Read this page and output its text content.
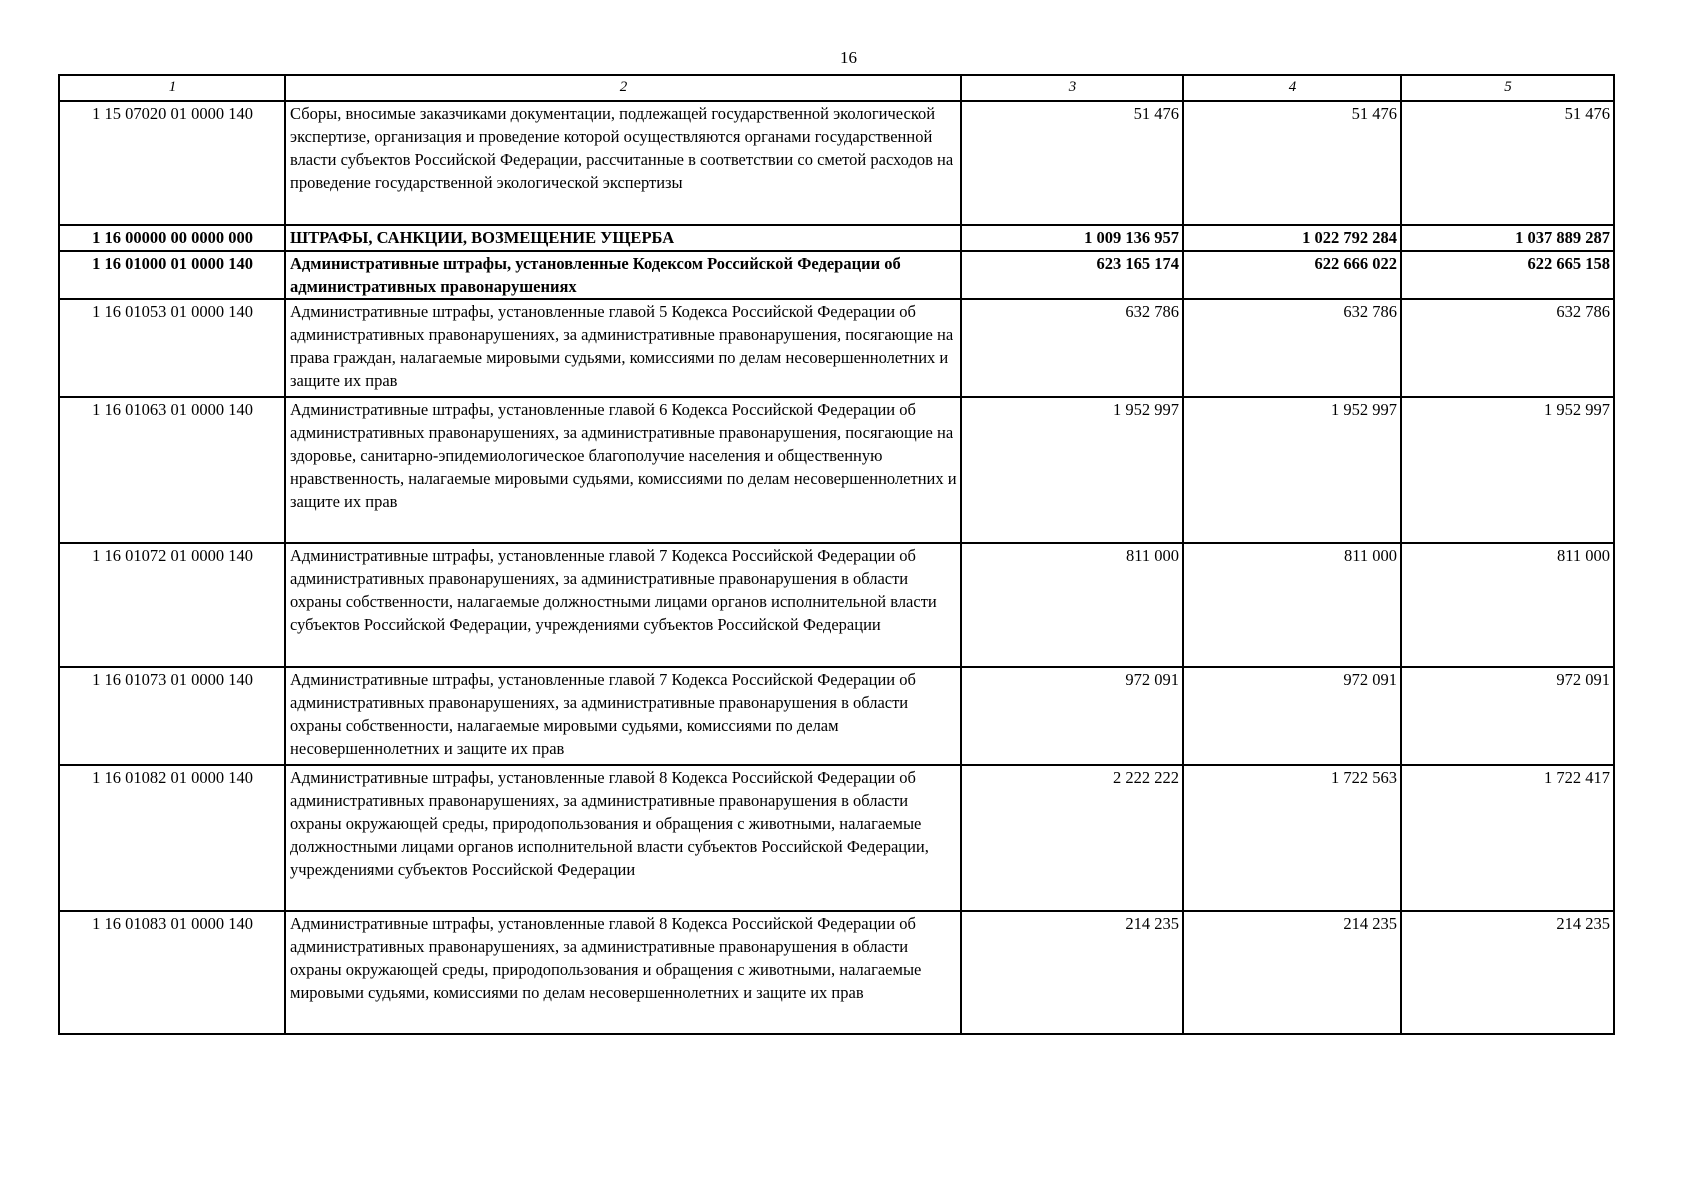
16
1	2	3	4	5
1 15 07020 01 0000 140	Сборы, вносимые заказчиками документации, подлежащей государственной экологической экспертизе, организация и проведение которой осуществляются органами государственной власти субъектов Российской Федерации, рассчитанные в соответствии со сметой расходов на проведение государственной экологической экспертизы	51 476	51 476	51 476
1 16 00000 00 0000 000	ШТРАФЫ, САНКЦИИ, ВОЗМЕЩЕНИЕ УЩЕРБА	1 009 136 957	1 022 792 284	1 037 889 287
1 16 01000 01 0000 140	Административные штрафы, установленные Кодексом Российской Федерации об административных правонарушениях	623 165 174	622 666 022	622 665 158
1 16 01053 01 0000 140	Административные штрафы, установленные главой 5 Кодекса Российской Федерации об административных правонарушениях, за административные правонарушения, посягающие на права граждан, налагаемые мировыми судьями, комиссиями по делам несовершеннолетних и защите их прав	632 786	632 786	632 786
1 16 01063 01 0000 140	Административные штрафы, установленные главой 6 Кодекса Российской Федерации об административных правонарушениях, за административные правонарушения, посягающие на здоровье, санитарно-эпидемиологическое благополучие населения и общественную нравственность, налагаемые мировыми судьями, комиссиями по делам несовершеннолетних и защите их прав	1 952 997	1 952 997	1 952 997
1 16 01072 01 0000 140	Административные штрафы, установленные главой 7 Кодекса Российской Федерации об административных правонарушениях, за административные правонарушения в области охраны собственности, налагаемые должностными лицами органов исполнительной власти субъектов Российской Федерации, учреждениями субъектов Российской Федерации	811 000	811 000	811 000
1 16 01073 01 0000 140	Административные штрафы, установленные главой 7 Кодекса Российской Федерации об административных правонарушениях, за административные правонарушения в области охраны собственности, налагаемые мировыми судьями, комиссиями по делам несовершеннолетних и защите их прав	972 091	972 091	972 091
1 16 01082 01 0000 140	Административные штрафы, установленные главой 8 Кодекса Российской Федерации об административных правонарушениях, за административные правонарушения в области охраны окружающей среды, природопользования и обращения с животными, налагаемые должностными лицами органов исполнительной власти субъектов Российской Федерации, учреждениями субъектов Российской Федерации	2 222 222	1 722 563	1 722 417
1 16 01083 01 0000 140	Административные штрафы, установленные главой 8 Кодекса Российской Федерации об административных правонарушениях, за административные правонарушения в области охраны окружающей среды, природопользования и обращения с животными, налагаемые мировыми судьями, комиссиями по делам несовершеннолетних и защите их прав	214 235	214 235	214 235
